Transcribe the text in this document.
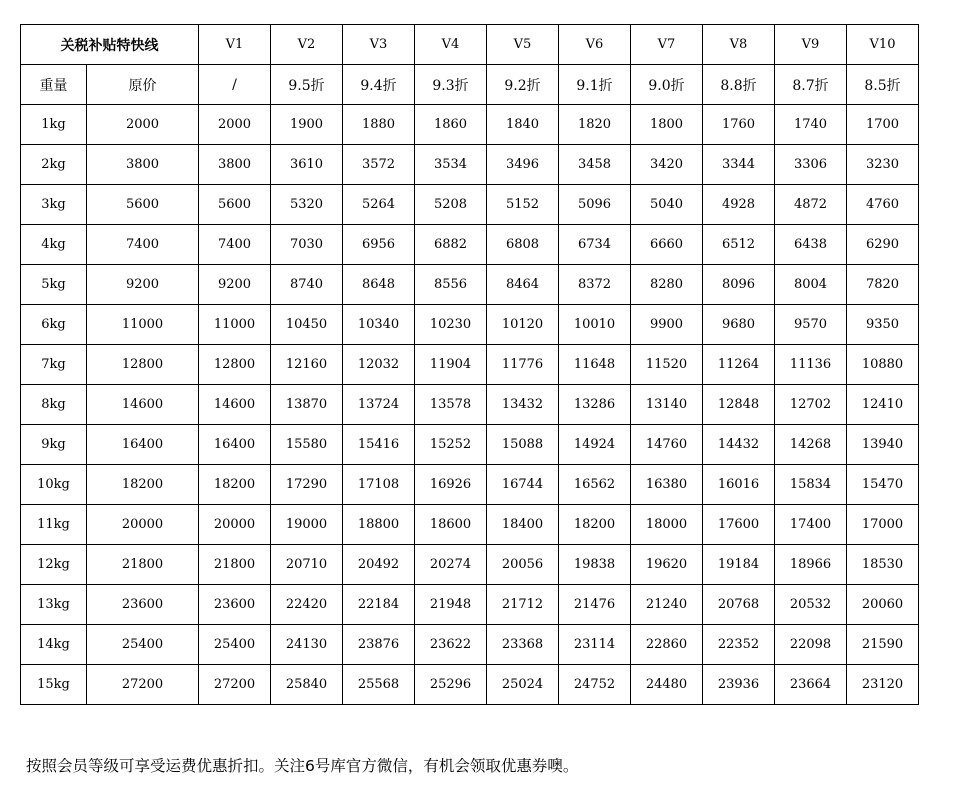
关税补贴特快线		V1	V2	V3	V4	V5	V6	V7	V8	V9	V10
重量	原价	/	9.5折	9.4折	9.3折	9.2折	9.1折	9.0折	8.8折	8.7折	8.5折
1kg	2000	2000	1900	1880	1860	1840	1820	1800	1760	1740	1700
2kg	3800	3800	3610	3572	3534	3496	3458	3420	3344	3306	3230
3kg	5600	5600	5320	5264	5208	5152	5096	5040	4928	4872	4760
4kg	7400	7400	7030	6956	6882	6808	6734	6660	6512	6438	6290
5kg	9200	9200	8740	8648	8556	8464	8372	8280	8096	8004	7820
6kg	11000	11000	10450	10340	10230	10120	10010	9900	9680	9570	9350
7kg	12800	12800	12160	12032	11904	11776	11648	11520	11264	11136	10880
8kg	14600	14600	13870	13724	13578	13432	13286	13140	12848	12702	12410
9kg	16400	16400	15580	15416	15252	15088	14924	14760	14432	14268	13940
10kg	18200	18200	17290	17108	16926	16744	16562	16380	16016	15834	15470
11kg	20000	20000	19000	18800	18600	18400	18200	18000	17600	17400	17000
12kg	21800	21800	20710	20492	20274	20056	19838	19620	19184	18966	18530
13kg	23600	23600	22420	22184	21948	21712	21476	21240	20768	20532	20060
14kg	25400	25400	24130	23876	23622	23368	23114	22860	22352	22098	21590
15kg	27200	27200	25840	25568	25296	25024	24752	24480	23936	23664	23120
按照会员等级可享受运费优惠折扣。关注6号库官方微信，有机会领取优惠券噢。
